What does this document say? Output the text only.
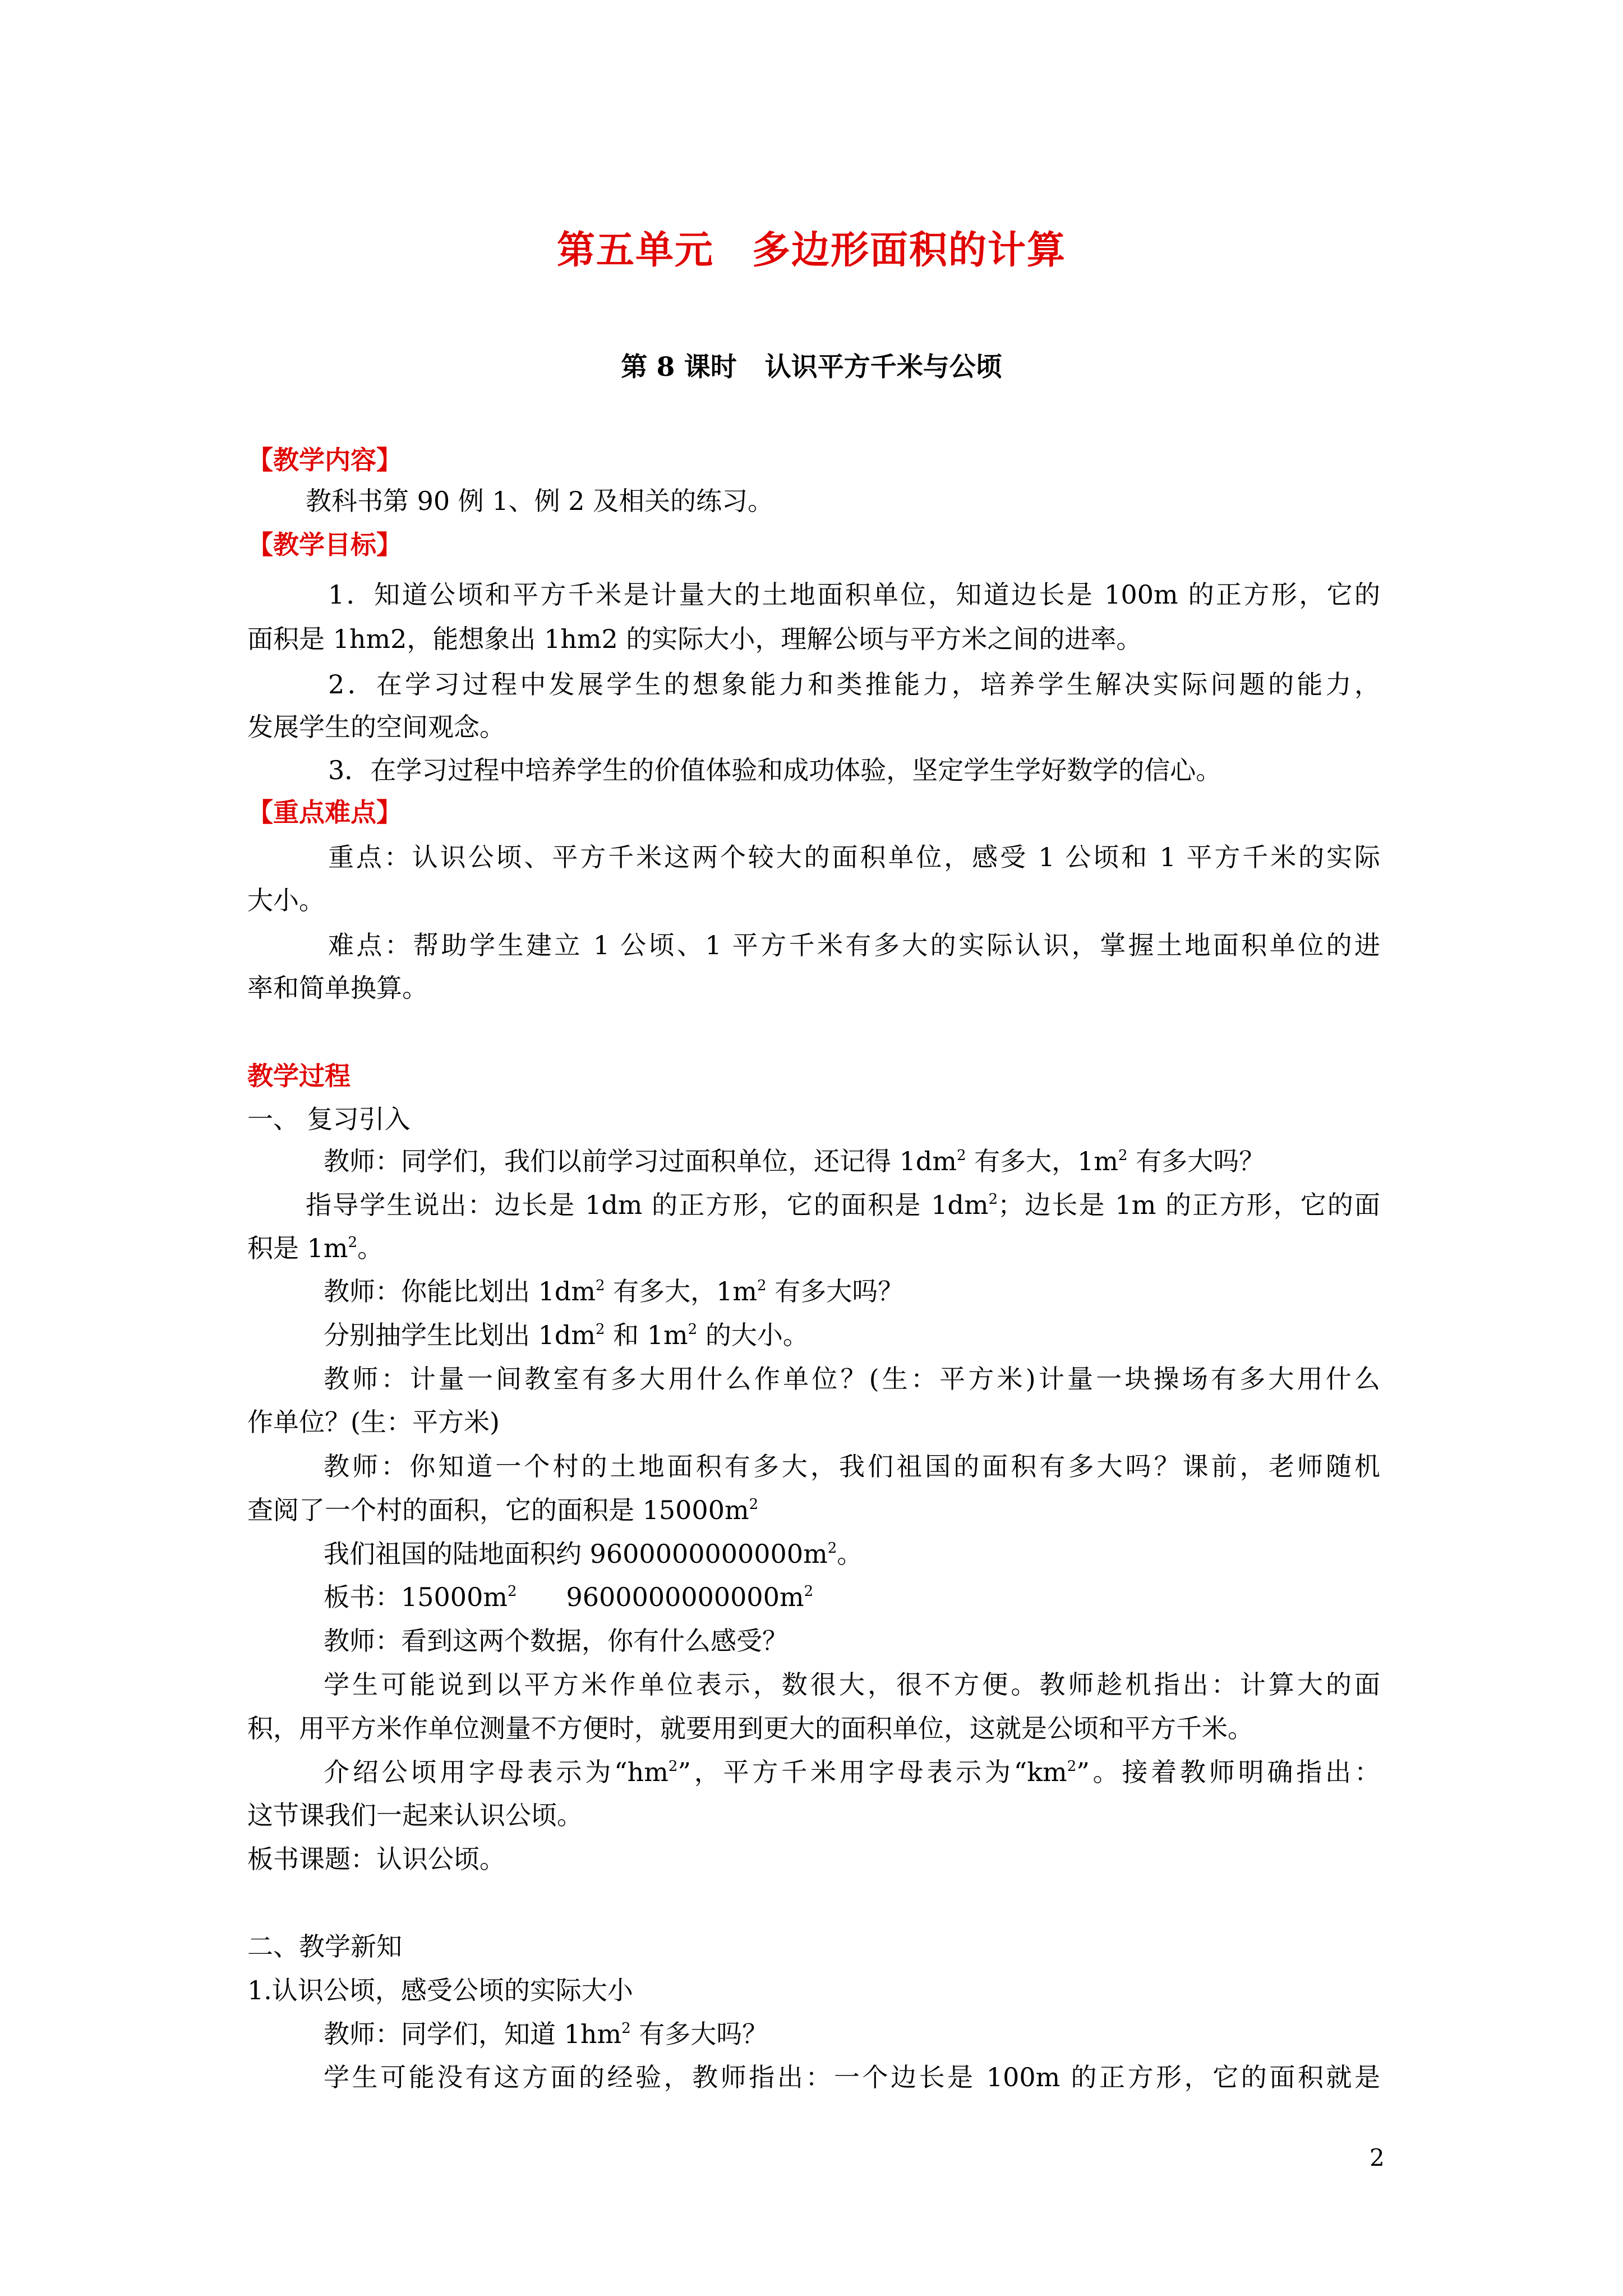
第五单元 多边形面积的计算
第 8 课时 认识平方千米与公顷
【教学内容】
教科书第 90 例 1、例 2 及相关的练习。
【教学目标】
1．知道公顷和平方千米是计量大的土地面积单位，知道边长是 100m 的正方形，它的
面积是 1hm2，能想象出 1hm2 的实际大小，理解公顷与平方米之间的进率。
2．在学习过程中发展学生的想象能力和类推能力，培养学生解决实际问题的能力，
发展学生的空间观念。
3．在学习过程中培养学生的价值体验和成功体验，坚定学生学好数学的信心。
【重点难点】
重点：认识公顷、平方千米这两个较大的面积单位，感受 1 公顷和 1 平方千米的实际
大小。
难点：帮助学生建立 1 公顷、1 平方千米有多大的实际认识，掌握土地面积单位的进
率和简单换算。
教学过程
一、 复习引入
教师：同学们，我们以前学习过面积单位，还记得 $1dm^2$ 有多大，$1m^2$ 有多大吗？
指导学生说出：边长是 1dm 的正方形，它的面积是 $1dm^2$；边长是 1m 的正方形，它的面
积是 $1m^2$。
教师：你能比划出 $1dm^2$ 有多大，$1m^2$ 有多大吗？
分别抽学生比划出 $1dm^2$ 和 $1m^2$ 的大小。
教师：计量一间教室有多大用什么作单位？(生：平方米)计量一块操场有多大用什么
作单位？(生：平方米)
教师：你知道一个村的土地面积有多大，我们祖国的面积有多大吗？课前，老师随机
查阅了一个村的面积，它的面积是 $15000m^2$
我们祖国的陆地面积约 $9600000000000m^2$。
板书：$15000m^2$ $9600000000000m^2$
教师：看到这两个数据，你有什么感受？
学生可能说到以平方米作单位表示，数很大，很不方便。教师趁机指出：计算大的面
积，用平方米作单位测量不方便时，就要用到更大的面积单位，这就是公顷和平方千米。
介绍公顷用字母表示为“$hm^2$”，平方千米用字母表示为“$km^2$”。接着教师明确指出：
这节课我们一起来认识公顷。
板书课题：认识公顷。
二、教学新知
1.认识公顷，感受公顷的实际大小
教师：同学们，知道 $1hm^2$ 有多大吗？
学生可能没有这方面的经验，教师指出：一个边长是 100m 的正方形，它的面积就是
2
